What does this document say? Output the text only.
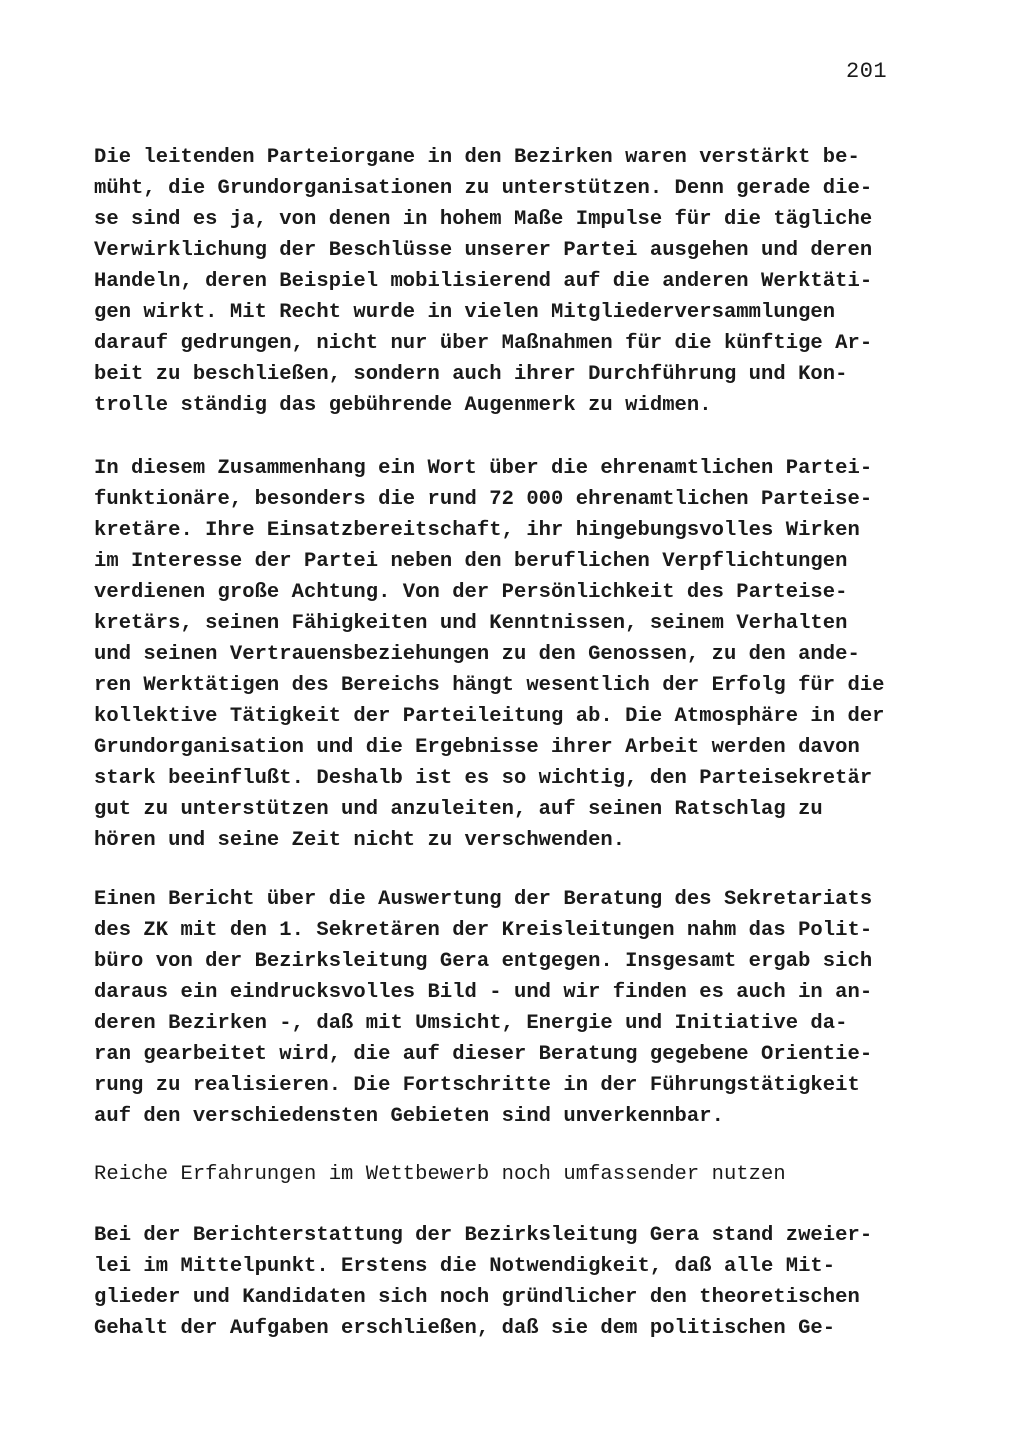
201
Die leitenden Parteiorgane in den Bezirken waren verstärkt be-
müht, die Grundorganisationen zu unterstützen. Denn gerade die-
se sind es ja, von denen in hohem Maße Impulse für die tägliche
Verwirklichung der Beschlüsse unserer Partei ausgehen und deren
Handeln, deren Beispiel mobilisierend auf die anderen Werktäti-
gen wirkt. Mit Recht wurde in vielen Mitgliederversammlungen
darauf gedrungen, nicht nur über Maßnahmen für die künftige Ar-
beit zu beschließen, sondern auch ihrer Durchführung und Kon-
trolle ständig das gebührende Augenmerk zu widmen.
In diesem Zusammenhang ein Wort über die ehrenamtlichen Partei-
funktionäre, besonders die rund 72 000 ehrenamtlichen Parteise-
kretäre. Ihre Einsatzbereitschaft, ihr hingebungsvolles Wirken
im Interesse der Partei neben den beruflichen Verpflichtungen
verdienen große Achtung. Von der Persönlichkeit des Parteise-
kretärs, seinen Fähigkeiten und Kenntnissen, seinem Verhalten
und seinen Vertrauensbeziehungen zu den Genossen, zu den ande-
ren Werktätigen des Bereichs hängt wesentlich der Erfolg für die
kollektive Tätigkeit der Parteileitung ab. Die Atmosphäre in der
Grundorganisation und die Ergebnisse ihrer Arbeit werden davon
stark beeinflußt. Deshalb ist es so wichtig, den Parteisekretär
gut zu unterstützen und anzuleiten, auf seinen Ratschlag zu
hören und seine Zeit nicht zu verschwenden.
Einen Bericht über die Auswertung der Beratung des Sekretariats
des ZK mit den 1. Sekretären der Kreisleitungen nahm das Polit-
büro von der Bezirksleitung Gera entgegen. Insgesamt ergab sich
daraus ein eindrucksvolles Bild - und wir finden es auch in an-
deren Bezirken -, daß mit Umsicht, Energie und Initiative da-
ran gearbeitet wird, die auf dieser Beratung gegebene Orientie-
rung zu realisieren. Die Fortschritte in der Führungstätigkeit
auf den verschiedensten Gebieten sind unverkennbar.
Reiche Erfahrungen im Wettbewerb noch umfassender nutzen
Bei der Berichterstattung der Bezirksleitung Gera stand zweier-
lei im Mittelpunkt. Erstens die Notwendigkeit, daß alle Mit-
glieder und Kandidaten sich noch gründlicher den theoretischen
Gehalt der Aufgaben erschließen, daß sie dem politischen Ge-
